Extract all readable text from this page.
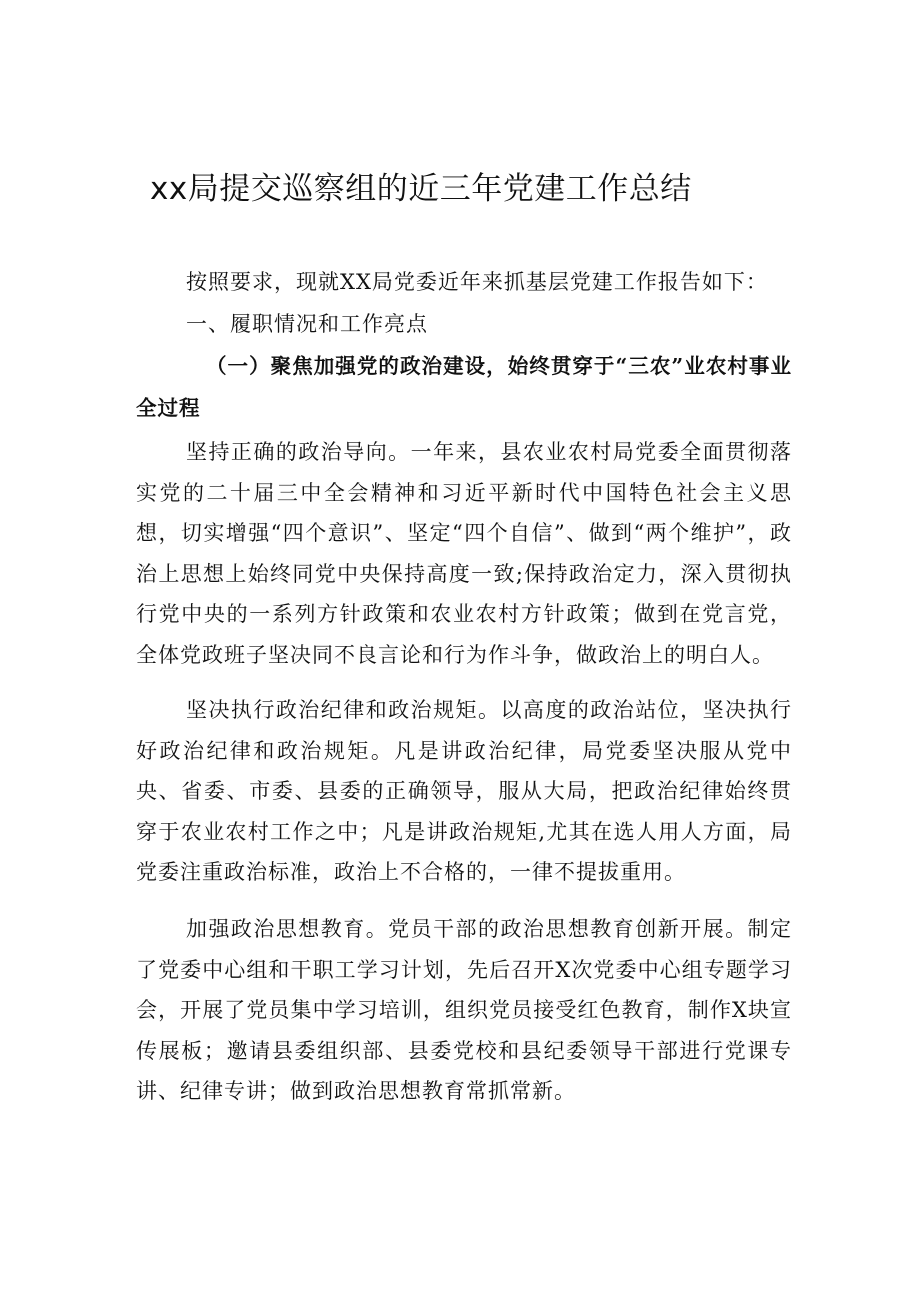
xx局提交巡察组的近三年党建工作总结

按照要求，现就XX局党委近年来抓基层党建工作报告如下：

一、履职情况和工作亮点
（一）聚焦加强党的政治建设，始终贯穿于“三农”业农村事业全过程

坚持正确的政治导向。一年来，县农业农村局党委全面贯彻落实党的二十届三中全会精神和习近平新时代中国特色社会主义思想，切实增强“四个意识”、坚定“四个自信”、做到“两个维护”，政治上思想上始终同党中央保持高度一致;保持政治定力，深入贯彻执行党中央的一系列方针政策和农业农村方针政策；做到在党言党，全体党政班子坚决同不良言论和行为作斗争，做政治上的明白人。

坚决执行政治纪律和政治规矩。以高度的政治站位，坚决执行好政治纪律和政治规矩。凡是讲政治纪律，局党委坚决服从党中央、省委、市委、县委的正确领导，服从大局，把政治纪律始终贯穿于农业农村工作之中；凡是讲政治规矩,尤其在选人用人方面，局党委注重政治标准，政治上不合格的，一律不提拔重用。

加强政治思想教育。党员干部的政治思想教育创新开展。制定了党委中心组和干职工学习计划，先后召开X次党委中心组专题学习会，开展了党员集中学习培训，组织党员接受红色教育，制作X块宣传展板；邀请县委组织部、县委党校和县纪委领导干部进行党课专讲、纪律专讲；做到政治思想教育常抓常新。
